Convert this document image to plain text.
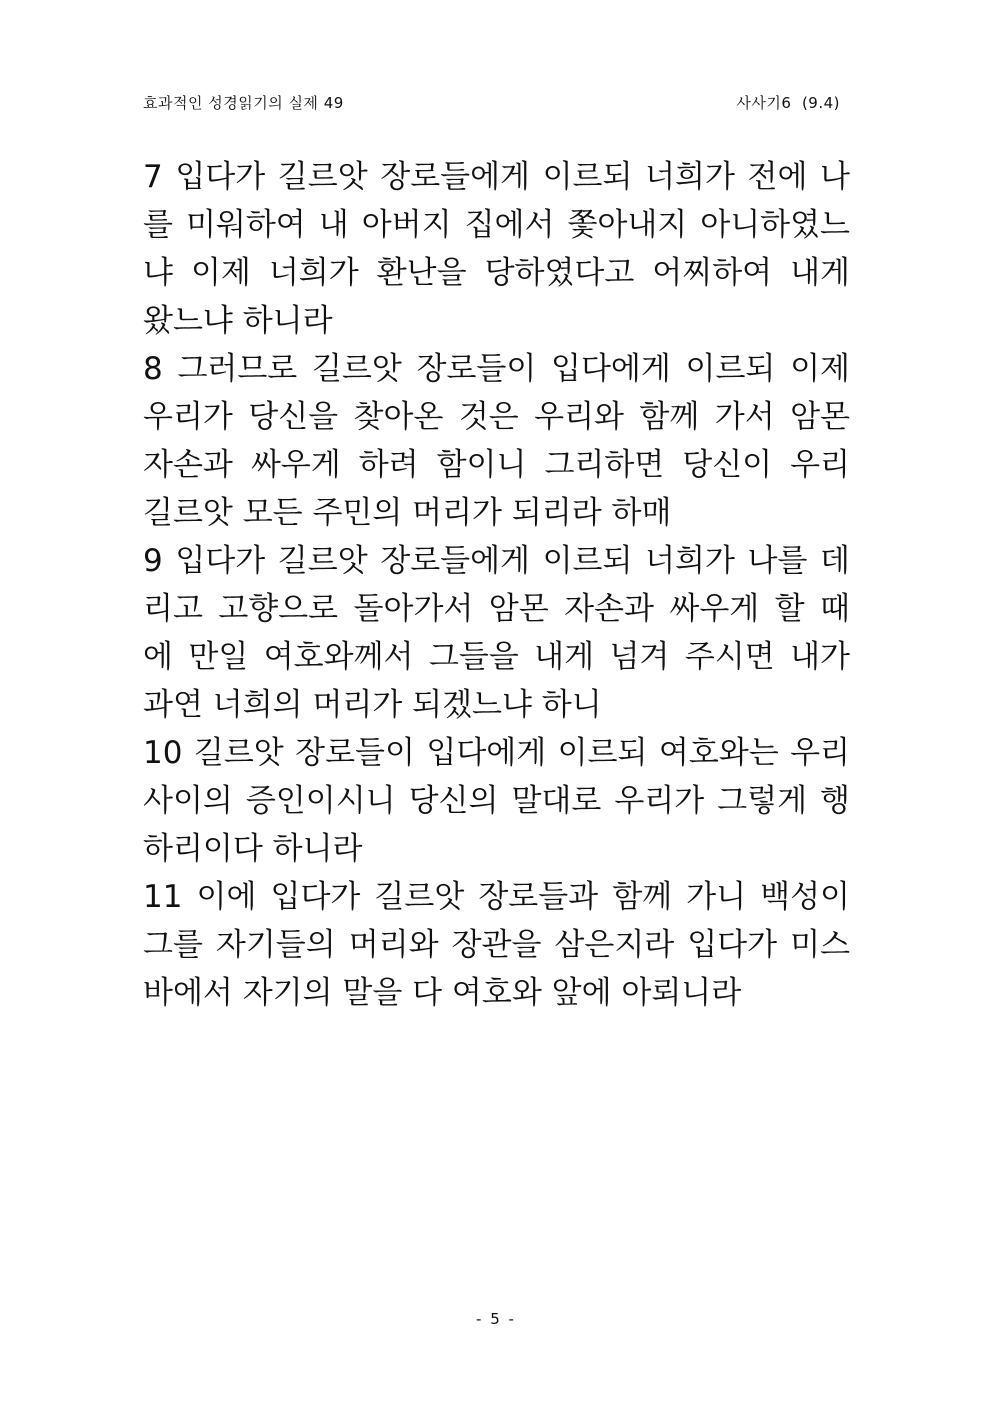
효과적인 성경읽기의 실제 49	사사기6  (9.4)
7 입다가 길르앗 장로들에게 이르되 너희가 전에 나
를 미워하여 내 아버지 집에서 쫓아내지 아니하였느
냐 이제 너희가 환난을 당하였다고 어찌하여 내게
왔느냐 하니라
8 그러므로 길르앗 장로들이 입다에게 이르되 이제
우리가 당신을 찾아온 것은 우리와 함께 가서 암몬
자손과 싸우게 하려 함이니 그리하면 당신이 우리
길르앗 모든 주민의 머리가 되리라 하매
9 입다가 길르앗 장로들에게 이르되 너희가 나를 데
리고 고향으로 돌아가서 암몬 자손과 싸우게 할 때
에 만일 여호와께서 그들을 내게 넘겨 주시면 내가
과연 너희의 머리가 되겠느냐 하니
10 길르앗 장로들이 입다에게 이르되 여호와는 우리
사이의 증인이시니 당신의 말대로 우리가 그렇게 행
하리이다 하니라
11 이에 입다가 길르앗 장로들과 함께 가니 백성이
그를 자기들의 머리와 장관을 삼은지라 입다가 미스
바에서 자기의 말을 다 여호와 앞에 아뢰니라
- 5 -
